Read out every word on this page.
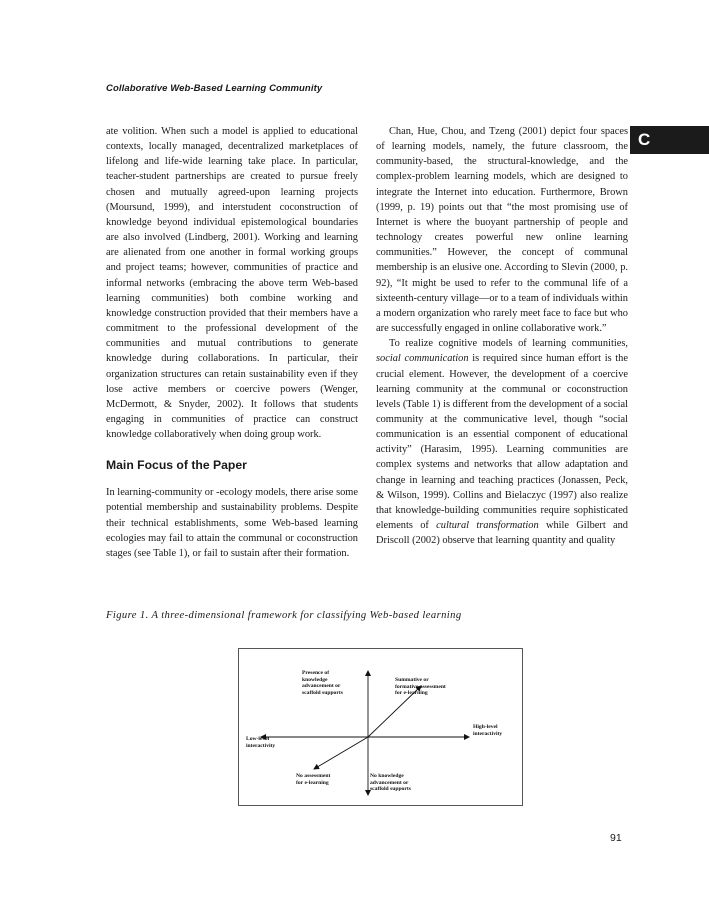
Collaborative Web-Based Learning Community
C

ate volition. When such a model is applied to educational contexts, locally managed, decentralized marketplaces of lifelong and life-wide learning take place. In particular, teacher-student partnerships are created to pursue freely chosen and mutually agreed-upon learning projects (Moursund, 1999), and interstudent coconstruction of knowledge beyond individual epistemological boundaries are also involved (Lindberg, 2001). Working and learning are alienated from one another in formal working groups and project teams; however, communities of practice and informal networks (embracing the above term Web-based learning communities) both combine working and knowledge construction provided that their members have a commitment to the professional development of the communities and mutual contributions to generate knowledge during collaborations. In particular, their organization structures can retain sustainability even if they lose active members or coercive powers (Wenger, McDermott, & Snyder, 2002). It follows that students engaging in communities of practice can construct knowledge collaboratively when doing group work.

Main Focus of the Paper

In learning-community or -ecology models, there arise some potential membership and sustainability problems. Despite their technical establishments, some Web-based learning ecologies may fail to attain the communal or coconstruction stages (see Table 1), or fail to sustain after their formation.

Chan, Hue, Chou, and Tzeng (2001) depict four spaces of learning models, namely, the future classroom, the community-based, the structural-knowledge, and the complex-problem learning models, which are designed to integrate the Internet into education. Furthermore, Brown (1999, p. 19) points out that “the most promising use of Internet is where the buoyant partnership of people and technology creates powerful new online learning communities.” However, the concept of communal membership is an elusive one. According to Slevin (2000, p. 92), “It might be used to refer to the communal life of a sixteenth-century village—or to a team of individuals within a modern organization who rarely meet face to face but who are successfully engaged in online collaborative work.”

To realize cognitive models of learning communities, social communication is required since human effort is the crucial element. However, the development of a coercive learning community at the communal or coconstruction levels (Table 1) is different from the development of a social community at the communicative level, though “social communication is an essential component of educational activity” (Harasim, 1995). Learning communities are complex systems and networks that allow adaptation and change in learning and teaching practices (Jonassen, Peck, & Wilson, 1999). Collins and Bielaczyc (1997) also realize that knowledge-building communities require sophisticated elements of cultural transformation while Gilbert and Driscoll (2002) observe that learning quantity and quality

Figure 1. A three-dimensional framework for classifying Web-based learning
Presence of
knowledge
advancement or
scaffold supports
Summative or
formative assessment
for e-learning
High-level
interactivity
Low-level
interactivity
No assessment
for e-learning
No knowledge
advancement or
scaffold supports
91
